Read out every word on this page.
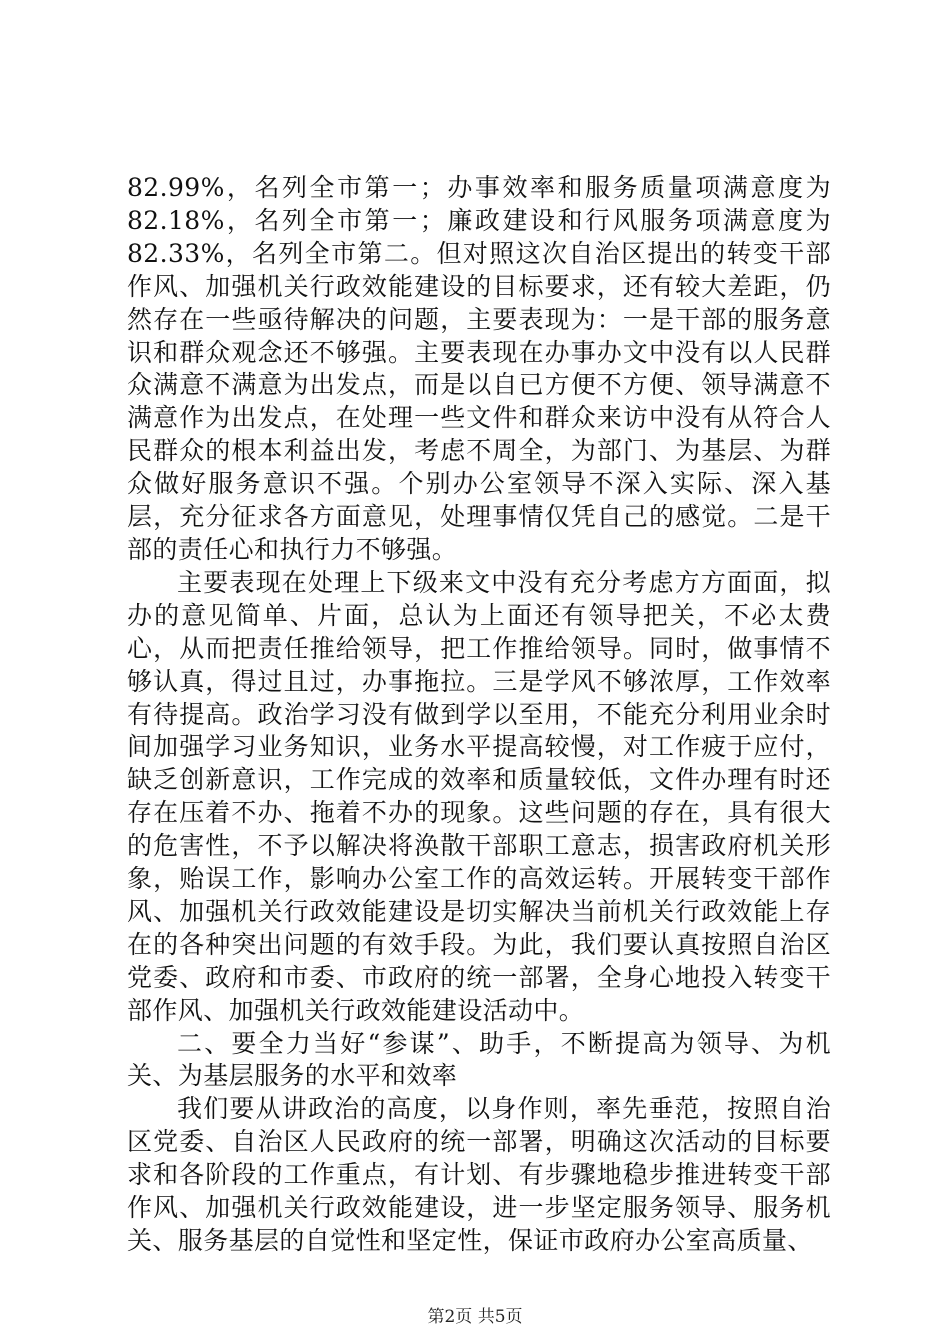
82.99%，名列全市第一；办事效率和服务质量项满意度为82.18%，名列全市第一；廉政建设和行风服务项满意度为82.33%，名列全市第二。但对照这次自治区提出的转变干部作风、加强机关行政效能建设的目标要求，还有较大差距，仍然存在一些亟待解决的问题，主要表现为：一是干部的服务意识和群众观念还不够强。主要表现在办事办文中没有以人民群众满意不满意为出发点，而是以自已方便不方便、领导满意不满意作为出发点，在处理一些文件和群众来访中没有从符合人民群众的根本利益出发，考虑不周全，为部门、为基层、为群众做好服务意识不强。个别办公室领导不深入实际、深入基层，充分征求各方面意见，处理事情仅凭自己的感觉。二是干部的责任心和执行力不够强。

主要表现在处理上下级来文中没有充分考虑方方面面，拟办的意见简单、片面，总认为上面还有领导把关，不必太费心，从而把责任推给领导，把工作推给领导。同时，做事情不够认真，得过且过，办事拖拉。三是学风不够浓厚，工作效率有待提高。政治学习没有做到学以至用，不能充分利用业余时间加强学习业务知识，业务水平提高较慢，对工作疲于应付，缺乏创新意识，工作完成的效率和质量较低，文件办理有时还存在压着不办、拖着不办的现象。这些问题的存在，具有很大的危害性，不予以解决将涣散干部职工意志，损害政府机关形象，贻误工作，影响办公室工作的高效运转。开展转变干部作风、加强机关行政效能建设是切实解决当前机关行政效能上存在的各种突出问题的有效手段。为此，我们要认真按照自治区党委、政府和市委、市政府的统一部署，全身心地投入转变干部作风、加强机关行政效能建设活动中。

二、要全力当好“参谋”、助手，不断提高为领导、为机关、为基层服务的水平和效率

我们要从讲政治的高度，以身作则，率先垂范，按照自治区党委、自治区人民政府的统一部署，明确这次活动的目标要求和各阶段的工作重点，有计划、有步骤地稳步推进转变干部作风、加强机关行政效能建设，进一步坚定服务领导、服务机关、服务基层的自觉性和坚定性，保证市政府办公室高质量、

第2页 共5页
